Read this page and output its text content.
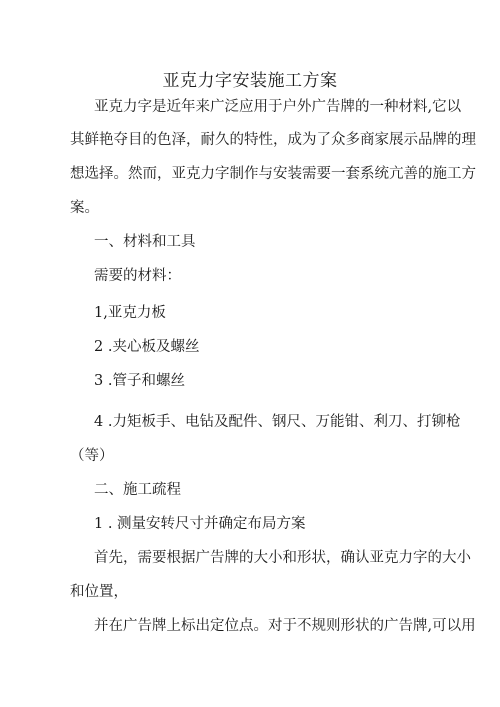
亚克力字安装施工方案
亚克力字是近年来广泛应用于户外广告牌的一种材料,它以
其鲜艳夺目的色泽，耐久的特性，成为了众多商家展示品牌的理
想选择。然而，亚克力字制作与安装需要一套系统亢善的施工方
案。
一、材料和工具
需要的材料：
1,亚克力板
2 .夹心板及螺丝
3 .管子和螺丝
4 .力矩板手、电钻及配件、钢尺、万能钳、利刀、打铆枪
（等）
二、施工疏程
1 . 测量安转尺寸并确定布局方案
首先，需要根据广告牌的大小和形状，确认亚克力字的大小
和位置，
并在广告牌上标出定位点。对于不规则形状的广告牌,可以用
